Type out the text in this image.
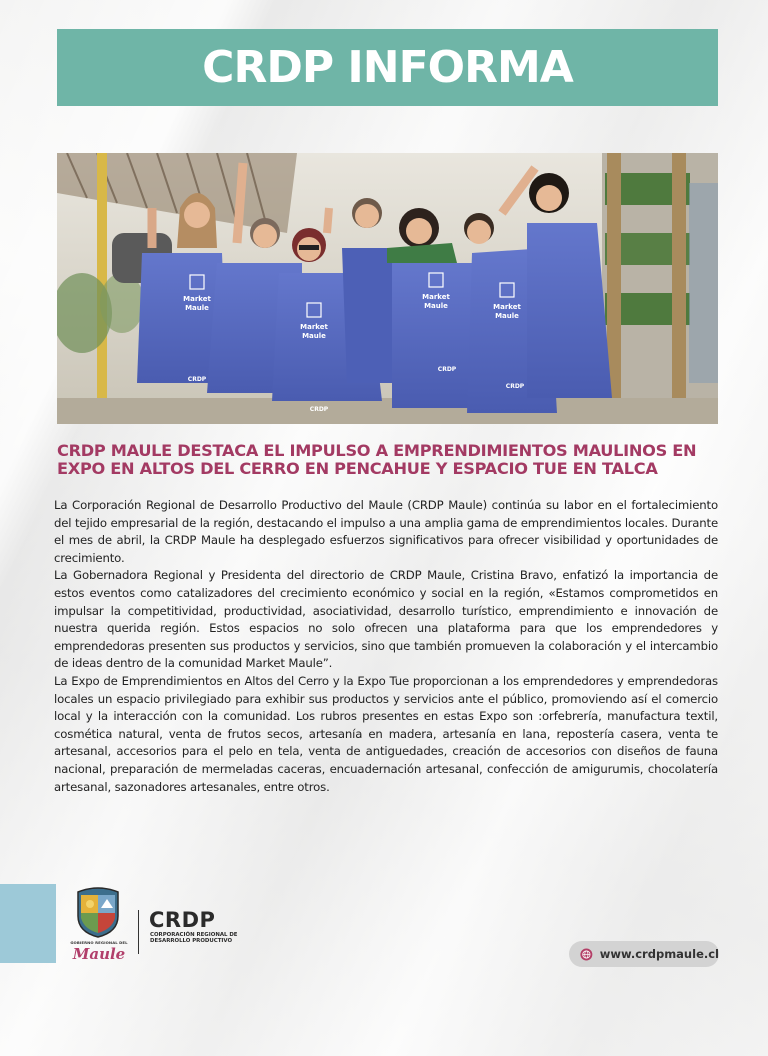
CRDP INFORMA
Market
Maule
Market
Maule
Market
Maule	Market
Maule
CRDP
CRDP
CRDP
CRDP
CRDP MAULE DESTACA EL IMPULSO A EMPRENDIMIENTOS MAULINOS EN EXPO EN ALTOS DEL CERRO EN PENCAHUE Y ESPACIO TUE EN TALCA

La Corporación Regional de Desarrollo Productivo del Maule (CRDP Maule) continúa su labor en el fortalecimiento del tejido empresarial de la región, destacando el impulso a una amplia gama de emprendimientos locales. Durante el mes de abril, la CRDP Maule ha desplegado esfuerzos significativos para ofrecer visibilidad y oportunidades de crecimiento.

La Gobernadora Regional y Presidenta del directorio de CRDP Maule, Cristina Bravo, enfatizó la importancia de estos eventos como catalizadores del crecimiento económico y social en la región, «Estamos comprometidos en impulsar la competitividad, productividad, asociatividad, desarrollo turístico, emprendimiento e innovación de nuestra querida región. Estos espacios no solo ofrecen una plataforma para que los emprendedores y emprendedoras presenten sus productos y servicios, sino que también promueven la colaboración y el intercambio de ideas dentro de la comunidad Market Maule”.

La Expo de Emprendimientos en Altos del Cerro y la Expo Tue proporcionan a los emprendedores y emprendedoras locales un espacio privilegiado para exhibir sus productos y servicios ante el público, promoviendo así el comercio local y la interacción con la comunidad. Los rubros presentes en estas Expo son :orfebrería, manufactura textil, cosmética natural, venta de frutos secos, artesanía en madera, artesanía en lana, repostería casera, venta te artesanal, accesorios para el pelo en tela, venta de antiguedades, creación de accesorios con diseños de fauna nacional, preparación de mermeladas caceras, encuadernación artesanal, confección de amigurumis, chocolatería artesanal, sazonadores artesanales, entre otros.

GOBIERNO REGIONAL DEL
Maule
CRDP
CORPORACIÓN REGIONAL DE
DESARROLLO PRODUCTIVO
www.crdpmaule.cl
